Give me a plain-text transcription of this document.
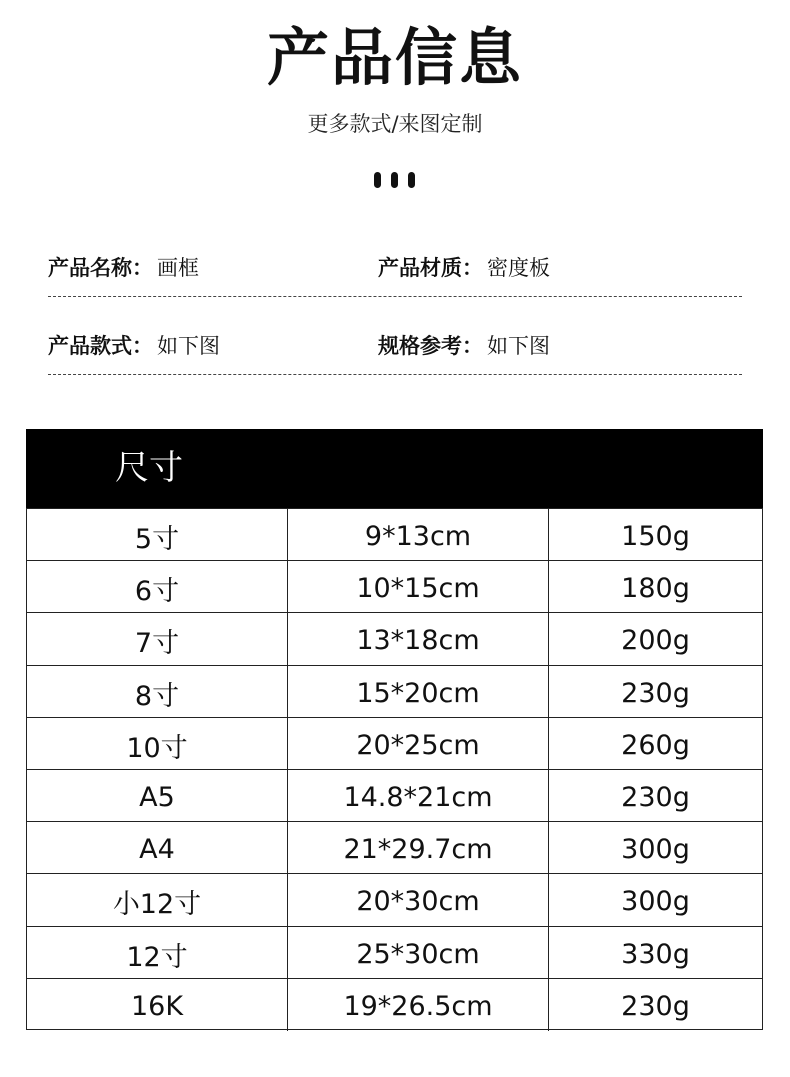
产品信息
更多款式/来图定制
产品名称： 画框	产品材质： 密度板
产品款式： 如下图	规格参考： 如下图
尺寸
5寸	9*13cm	150g
6寸	10*15cm	180g
7寸	13*18cm	200g
8寸	15*20cm	230g
10寸	20*25cm	260g
A5	14.8*21cm	230g
A4	21*29.7cm	300g
小12寸	20*30cm	300g
12寸	25*30cm	330g
16K	19*26.5cm	230g
